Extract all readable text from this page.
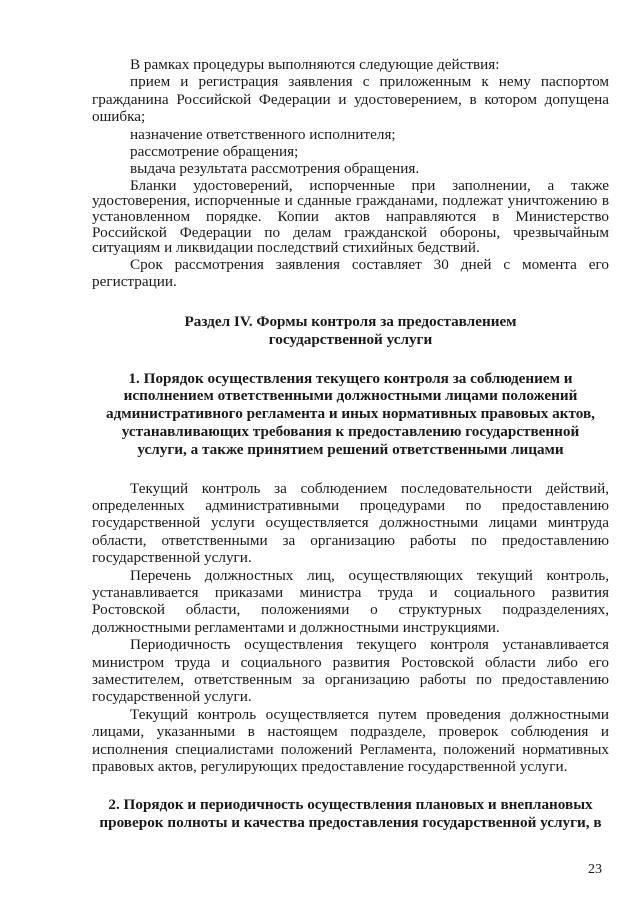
В рамках процедуры выполняются следующие действия:

прием и регистрация заявления с приложенным к нему паспортом гражданина Российской Федерации и удостоверением, в котором допущена ошибка;

назначение ответственного исполнителя;

рассмотрение обращения;

выдача результата рассмотрения обращения.

Бланки удостоверений, испорченные при заполнении, а также удостоверения, испорченные и сданные гражданами, подлежат уничтожению в установленном порядке. Копии актов направляются в Министерство Российской Федерации по делам гражданской обороны, чрезвычайным ситуациям и ликвидации последствий стихийных бедствий.

Срок рассмотрения заявления составляет 30 дней с момента его регистрации.

Раздел IV. Формы контроля за предоставлением
государственной услуги
1. Порядок осуществления текущего контроля за соблюдением и исполнением ответственными должностными лицами положений административного регламента и иных нормативных правовых актов, устанавливающих требования к предоставлению государственной услуги, а также принятием решений ответственными лицами

Текущий контроль за соблюдением последовательности действий, определенных административными процедурами по предоставлению государственной услуги осуществляется должностными лицами минтруда области, ответственными за организацию работы по предоставлению государственной услуги.

Перечень должностных лиц, осуществляющих текущий контроль, устанавливается приказами министра труда и социального развития Ростовской области, положениями о структурных подразделениях, должностными регламентами и должностными инструкциями.

Периодичность осуществления текущего контроля устанавливается министром труда и социального развития Ростовской области либо его заместителем, ответственным за организацию работы по предоставлению государственной услуги.

Текущий контроль осуществляется путем проведения должностными лицами, указанными в настоящем подразделе, проверок соблюдения и исполнения специалистами положений Регламента, положений нормативных правовых актов, регулирующих предоставление государственной услуги.

2. Порядок и периодичность осуществления плановых и внеплановых проверок полноты и качества предоставления государственной услуги, в
23
